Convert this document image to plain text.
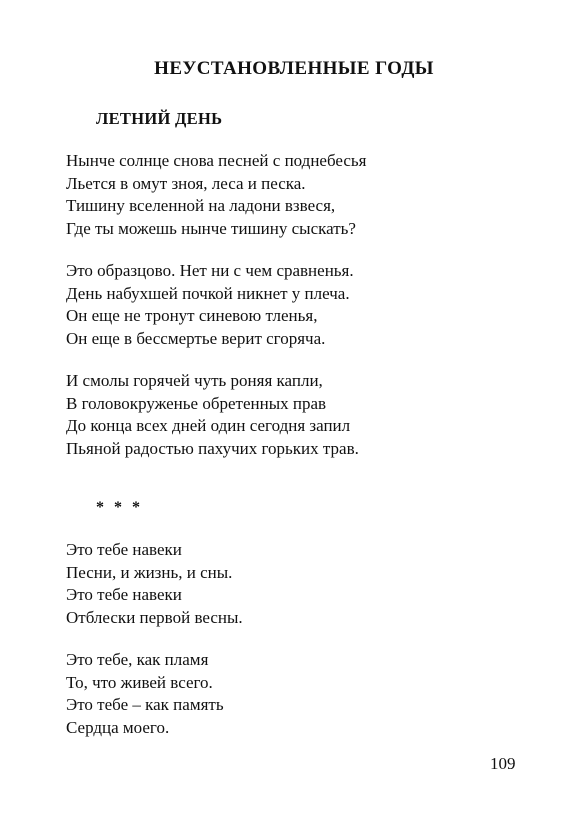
НЕУСТАНОВЛЕННЫЕ ГОДЫ
ЛЕТНИЙ ДЕНЬ
Нынче солнце снова песней с поднебесья
Льется в омут зноя, леса и песка.
Тишину вселенной на ладони взвеся,
Где ты можешь нынче тишину сыскать?
Это образцово. Нет ни с чем сравненья.
День набухшей почкой никнет у плеча.
Он еще не тронут синевою тленья,
Он еще в бессмертье верит сгоряча.
И смолы горячей чуть роняя капли,
В головокруженье обретенных прав
До конца всех дней один сегодня запил
Пьяной радостью пахучих горьких трав.
* * *
Это тебе навеки
Песни, и жизнь, и сны.
Это тебе навеки
Отблески первой весны.
Это тебе, как пламя
То, что живей всего.
Это тебе – как память
Сердца моего.
109
